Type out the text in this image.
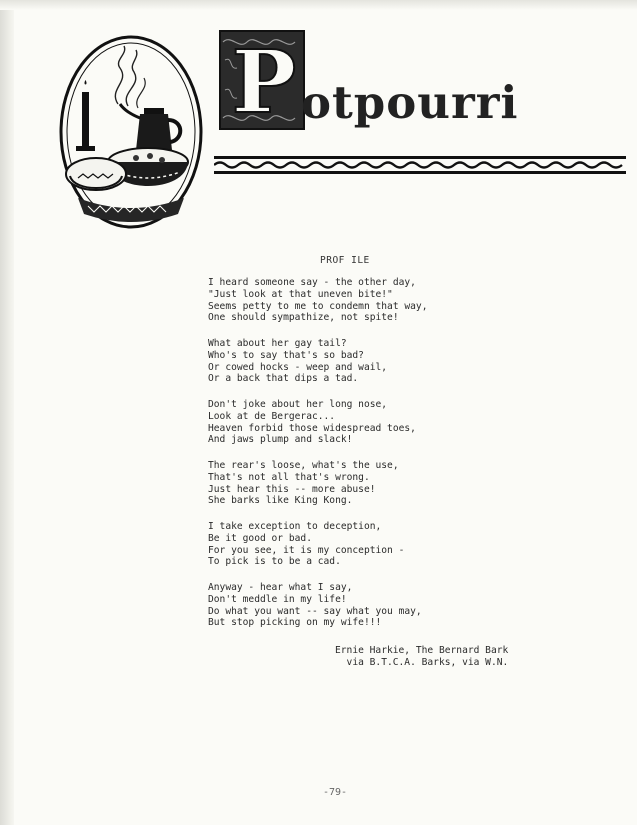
P otpourri
PROF ILE
I heard someone say - the other day,
"Just look at that uneven bite!"
Seems petty to me to condemn that way,
One should sympathize, not spite!
What about her gay tail?
Who's to say that's so bad?
Or cowed hocks - weep and wail,
Or a back that dips a tad.
Don't joke about her long nose,
Look at de Bergerac...
Heaven forbid those widespread toes,
And jaws plump and slack!
The rear's loose, what's the use,
That's not all that's wrong.
Just hear this -- more abuse!
She barks like King Kong.
I take exception to deception,
Be it good or bad.
For you see, it is my conception -
To pick is to be a cad.
Anyway - hear what I say,
Don't meddle in my life!
Do what you want -- say what you may,
But stop picking on my wife!!!
Ernie Harkie, The Bernard Bark
via B.T.C.A. Barks, via W.N.
-79-
